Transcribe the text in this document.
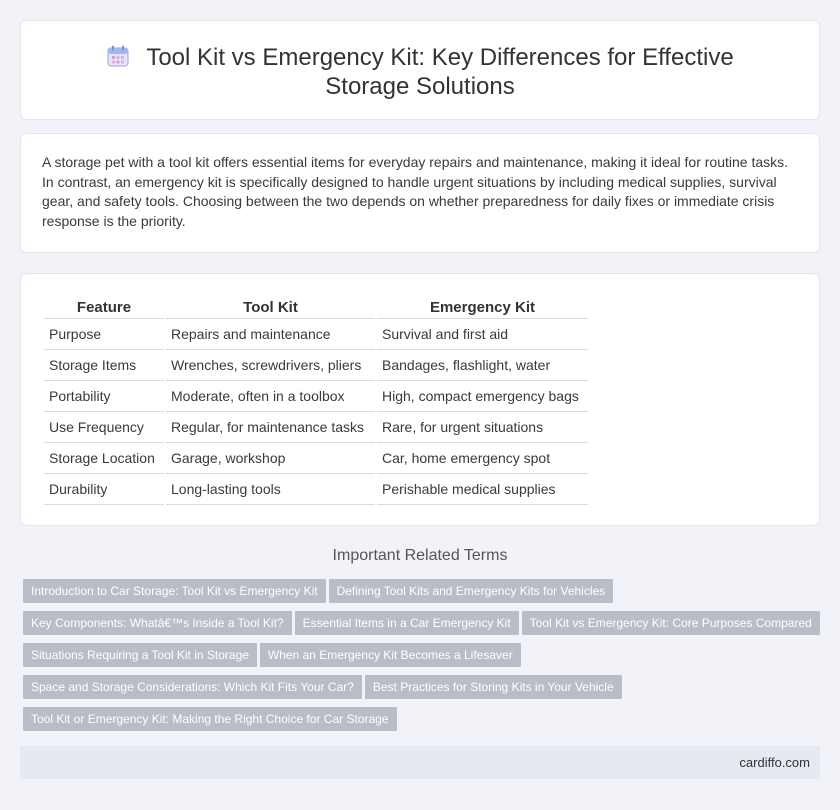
Tool Kit vs Emergency Kit: Key Differences for Effective Storage Solutions

A storage pet with a tool kit offers essential items for everyday repairs and maintenance, making it ideal for routine tasks. In contrast, an emergency kit is specifically designed to handle urgent situations by including medical supplies, survival gear, and safety tools. Choosing between the two depends on whether preparedness for daily fixes or immediate crisis response is the priority.

Feature	Tool Kit	Emergency Kit
Purpose	Repairs and maintenance	Survival and first aid
Storage Items	Wrenches, screwdrivers, pliers	Bandages, flashlight, water
Portability	Moderate, often in a toolbox	High, compact emergency bags
Use Frequency	Regular, for maintenance tasks	Rare, for urgent situations
Storage Location	Garage, workshop	Car, home emergency spot
Durability	Long-lasting tools	Perishable medical supplies
Important Related Terms
Introduction to Car Storage: Tool Kit vs Emergency Kit Defining Tool Kits and Emergency Kits for Vehicles
Key Components: Whatâ€™s Inside a Tool Kit? Essential Items in a Car Emergency Kit Tool Kit vs Emergency Kit: Core Purposes Compared
Situations Requiring a Tool Kit in Storage When an Emergency Kit Becomes a Lifesaver
Space and Storage Considerations: Which Kit Fits Your Car? Best Practices for Storing Kits in Your Vehicle
Tool Kit or Emergency Kit: Making the Right Choice for Car Storage
cardiffo.com
